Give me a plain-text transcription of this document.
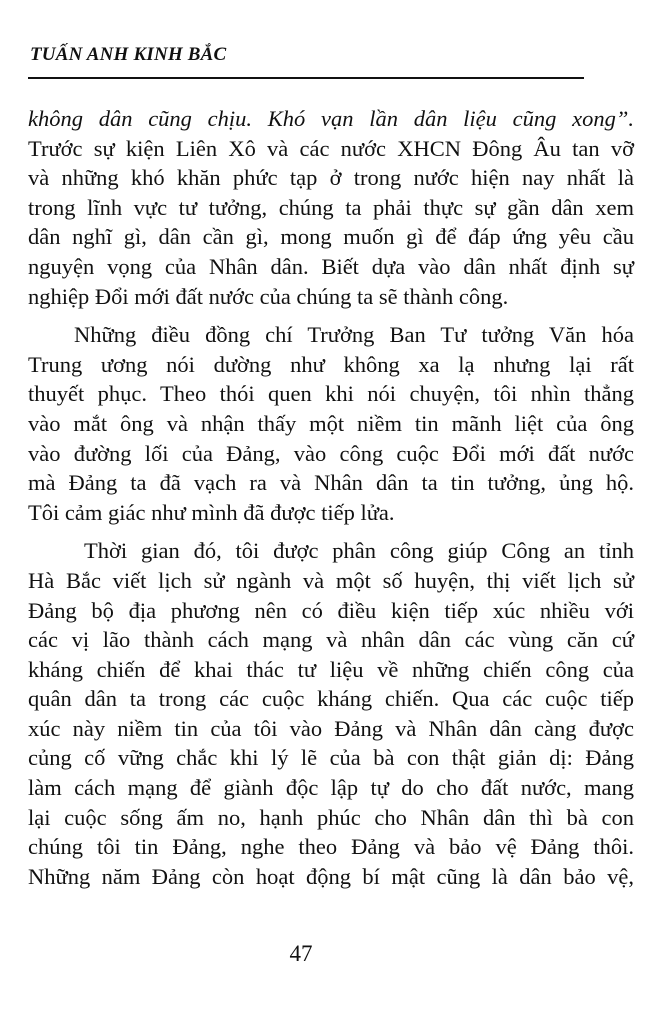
TUẤN ANH KINH BẮC
không dân cũng chịu. Khó vạn lần dân liệu cũng xong”.
Trước sự kiện Liên Xô và các nước XHCN Đông Âu tan vỡ
và những khó khăn phức tạp ở trong nước hiện nay nhất là
trong lĩnh vực tư tưởng, chúng ta phải thực sự gần dân xem
dân nghĩ gì, dân cần gì, mong muốn gì để đáp ứng yêu cầu
nguyện vọng của Nhân dân. Biết dựa vào dân nhất định sự
nghiệp Đổi mới đất nước của chúng ta sẽ thành công.
Những điều đồng chí Trưởng Ban Tư tưởng Văn hóa
Trung ương nói dường như không xa lạ nhưng lại rất
thuyết phục. Theo thói quen khi nói chuyện, tôi nhìn thẳng
vào mắt ông và nhận thấy một niềm tin mãnh liệt của ông
vào đường lối của Đảng, vào công cuộc Đổi mới đất nước
mà Đảng ta đã vạch ra và Nhân dân ta tin tưởng, ủng hộ.
Tôi cảm giác như mình đã được tiếp lửa.
Thời gian đó, tôi được phân công giúp Công an tỉnh
Hà Bắc viết lịch sử ngành và một số huyện, thị viết lịch sử
Đảng bộ địa phương nên có điều kiện tiếp xúc nhiều với
các vị lão thành cách mạng và nhân dân các vùng căn cứ
kháng chiến để khai thác tư liệu về những chiến công của
quân dân ta trong các cuộc kháng chiến. Qua các cuộc tiếp
xúc này niềm tin của tôi vào Đảng và Nhân dân càng được
củng cố vững chắc khi lý lẽ của bà con thật giản dị: Đảng
làm cách mạng để giành độc lập tự do cho đất nước, mang
lại cuộc sống ấm no, hạnh phúc cho Nhân dân thì bà con
chúng tôi tin Đảng, nghe theo Đảng và bảo vệ Đảng thôi.
Những năm Đảng còn hoạt động bí mật cũng là dân bảo vệ,
47
